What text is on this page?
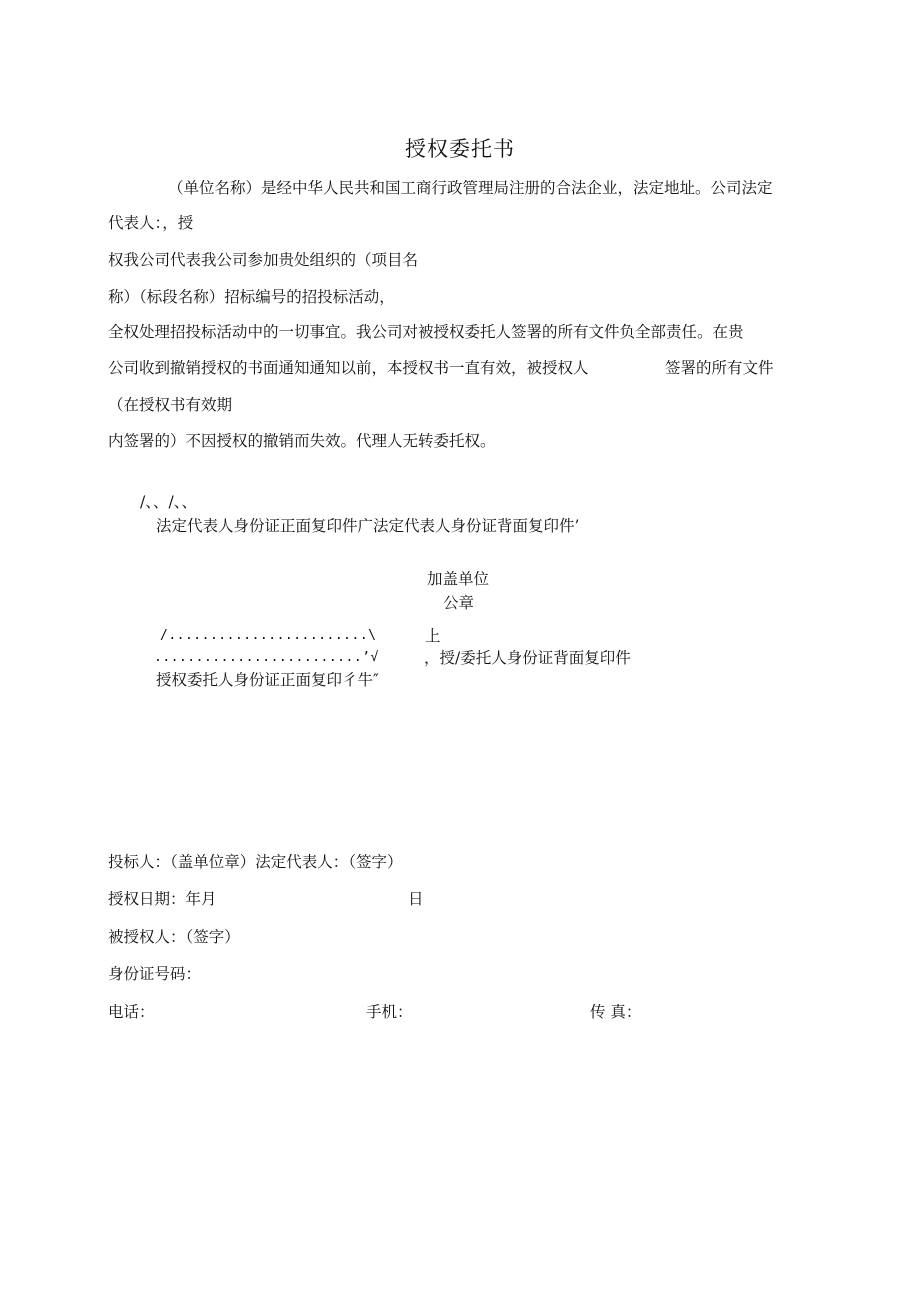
授权委托书
（单位名称）是经中华人民共和国工商行政管理局注册的合法企业，法定地址。公司法定
代表人：，授
权我公司代表我公司参加贵处组织的（项目名
称）（标段名称）招标编号的招投标活动，
全权处理招投标活动中的一切事宜。我公司对被授权委托人签署的所有文件负全部责任。在贵
公司收到撤销授权的书面通知通知以前，本授权书一直有效，被授权人	签署的所有文件
（在授权书有效期
内签署的）不因授权的撤销而失效。代理人无转委托权。
/、、/、、
法定代表人身份证正面复印件广法定代表人身份证背面复印件’
加盖单位
公章
/........................\	上
.........................’√	，授/委托人身份证背面复印件
授权委托人身份证正面复印彳牛″
投标人：（盖单位章）法定代表人：（签字）
授权日期：年月	日
被授权人：（签字）
身份证号码：
电话：	手机：	传 真：
